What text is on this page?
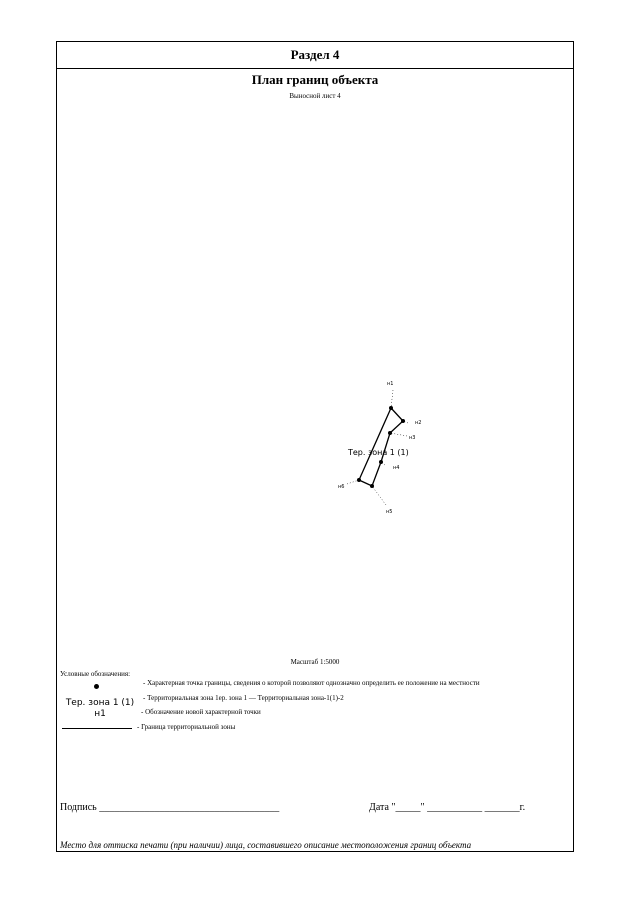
Раздел 4
План границ объекта
Выносной лист 4
н1
н2
н3
н4
н5
н6
Тер. зона 1 (1)
Масштаб 1:5000
Условные обозначения:
- Характерная точка границы, сведения о которой позволяют однозначно определить ее положение на местности
Тер. зона 1 (1)
н1
- Территориальная зона 1ер. зона 1 — Территориальная зона-1(1)-2
- Обозначение новой характерной точки
- Граница территориальной зоны
Подпись ____________________________________	Дата "_____" ___________ _______г.
Место для оттиска печати (при наличии) лица, составившего описание местоположения границ объекта
